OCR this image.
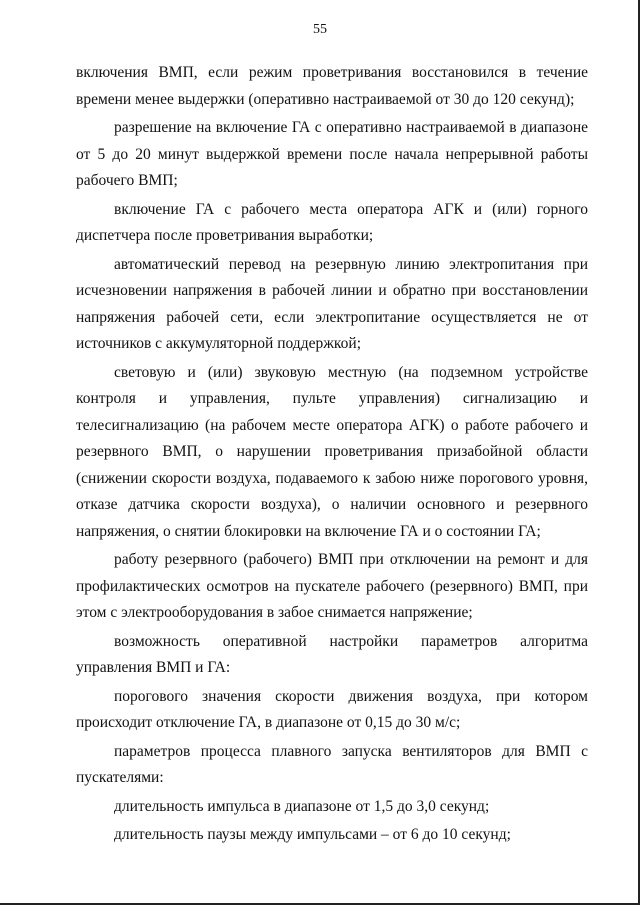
55

включения ВМП, если режим проветривания восстановился в течение времени менее выдержки (оперативно настраиваемой от 30 до 120 секунд);

разрешение на включение ГА с оперативно настраиваемой в диапазоне от 5 до 20 минут выдержкой времени после начала непрерывной работы рабочего ВМП;

включение ГА с рабочего места оператора АГК и (или) горного диспетчера после проветривания выработки;

автоматический перевод на резервную линию электропитания при исчезновении напряжения в рабочей линии и обратно при восстановлении напряжения рабочей сети, если электропитание осуществляется не от источников с аккумуляторной поддержкой;

световую и (или) звуковую местную (на подземном устройстве контроля и управления, пульте управления) сигнализацию и телесигнализацию (на рабочем месте оператора АГК) о работе рабочего и резервного ВМП, о нарушении проветривания призабойной области (снижении скорости воздуха, подаваемого к забою ниже порогового уровня, отказе датчика скорости воздуха), о наличии основного и резервного напряжения, о снятии блокировки на включение ГА и о состоянии ГА;

работу резервного (рабочего) ВМП при отключении на ремонт и для профилактических осмотров на пускателе рабочего (резервного) ВМП, при этом с электрооборудования в забое снимается напряжение;

возможность оперативной настройки параметров алгоритма управления ВМП и ГА:

порогового значения скорости движения воздуха, при котором происходит отключение ГА, в диапазоне от 0,15 до 30 м/с;

параметров процесса плавного запуска вентиляторов для ВМП с пускателями:

длительность импульса в диапазоне от 1,5 до 3,0 секунд;

длительность паузы между импульсами – от 6 до 10 секунд;
